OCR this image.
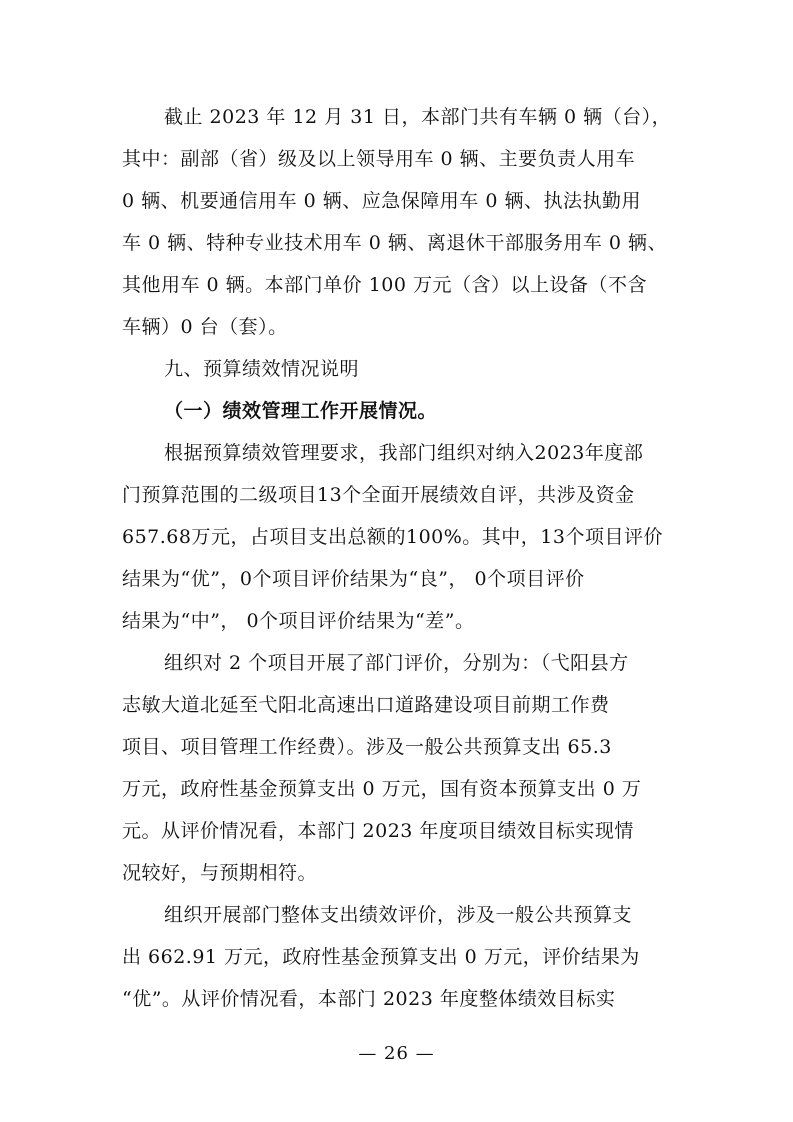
截止 2023 年 12 月 31 日，本部门共有车辆 0 辆（台），
其中：副部（省）级及以上领导用车 0 辆、主要负责人用车
0 辆、机要通信用车 0 辆、应急保障用车 0 辆、执法执勤用
车 0 辆、特种专业技术用车 0 辆、离退休干部服务用车 0 辆、
其他用车 0 辆。本部门单价 100 万元（含）以上设备（不含
车辆）0 台（套）。
九、预算绩效情况说明
（一）绩效管理工作开展情况。
根据预算绩效管理要求，我部门组织对纳入2023年度部
门预算范围的二级项目13个全面开展绩效自评，共涉及资金
657.68万元，占项目支出总额的100%。其中，13个项目评价
结果为“优”，0个项目评价结果为“良”， 0个项目评价
结果为“中”， 0个项目评价结果为“差”。
组织对 2 个项目开展了部门评价，分别为：（弋阳县方
志敏大道北延至弋阳北高速出口道路建设项目前期工作费
项目、项目管理工作经费）。涉及一般公共预算支出 65.3
万元，政府性基金预算支出 0 万元，国有资本预算支出 0 万
元。从评价情况看，本部门 2023 年度项目绩效目标实现情
况较好，与预期相符。
组织开展部门整体支出绩效评价，涉及一般公共预算支
出 662.91 万元，政府性基金预算支出 0 万元，评价结果为
“优”。从评价情况看，本部门 2023 年度整体绩效目标实
— 26 —
